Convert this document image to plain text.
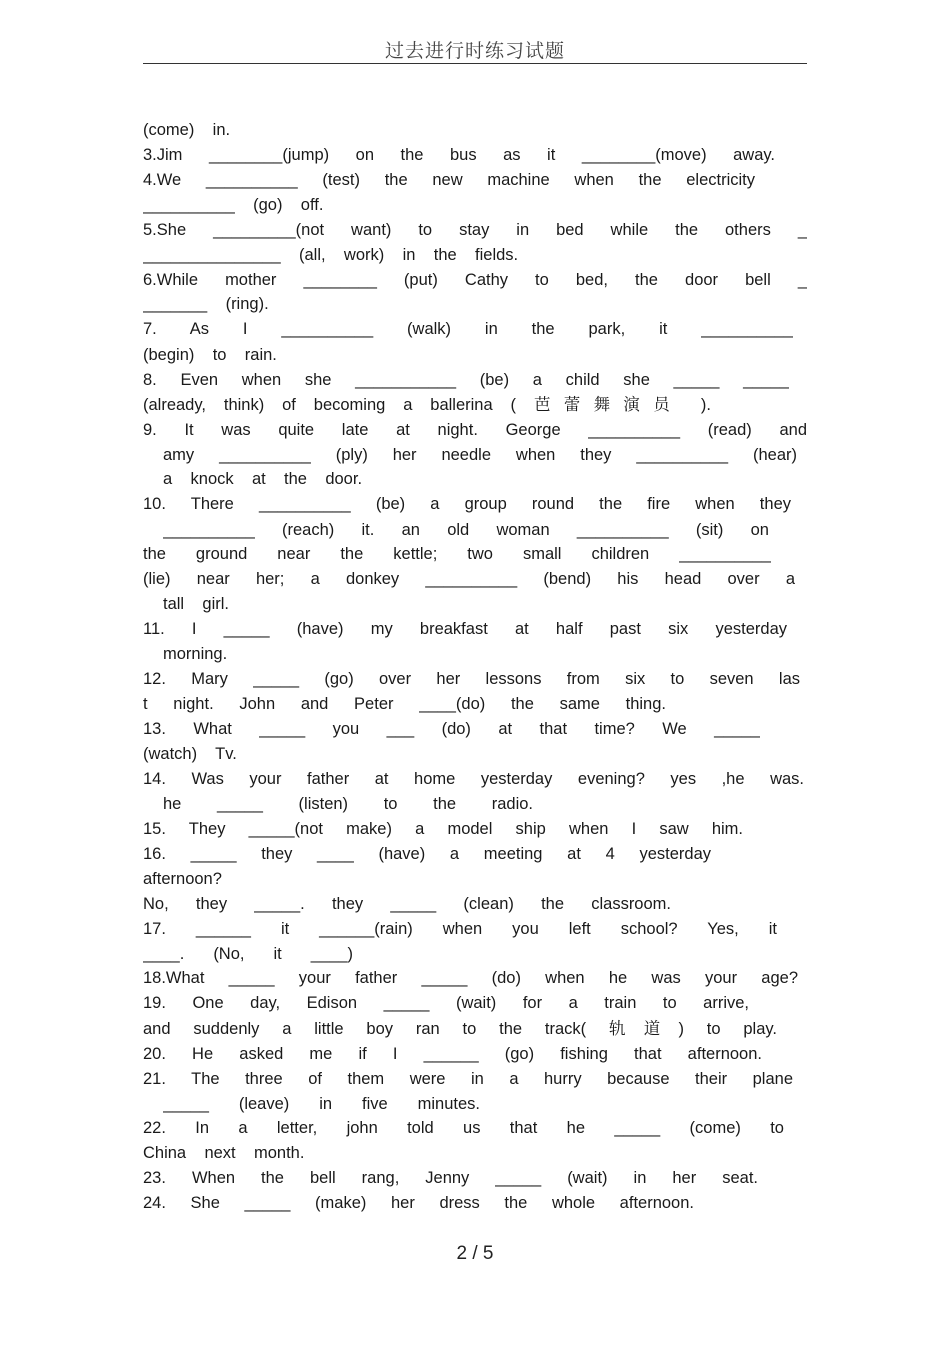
过去进行时练习试题
(come)    in.
3.Jim ________(jump) on the bus as it ________(move) away.
4.We __________ (test) the new machine when the electricity
__________    (go)    off.
5.She _________(not want) to stay in bed while the others _
_______________    (all,    work)    in    the    fields.
6.While mother ________ (put) Cathy to bed, the door bell _
_______    (ring).
7. As I __________ (walk) in the park, it __________
(begin)    to    rain.
8. Even when she ___________ (be) a child she _____ _____
(already, think) of becoming a ballerina ( 芭蕾舞演员 ).
9. It was quite late at night. George __________ (read) and
amy __________ (ply) her needle when they __________ (hear)
a    knock    at    the    door.
10. There __________ (be) a group round the fire when they
__________ (reach) it. an old woman __________ (sit) on
the ground near the kettle; two small children __________
(lie) near her; a donkey __________ (bend) his head over a
tall    girl.
11. I _____ (have) my breakfast at half past six yesterday
morning.
12. Mary _____ (go) over her lessons from six to seven las
t night. John and Peter ____(do) the same thing.
13. What _____ you ___ (do) at that time? We _____
(watch)    Tv.
14. Was your father at home yesterday evening? yes ,he was.
he _____ (listen) to the radio.
15. They _____(not make) a model ship when I saw him.
16. _____ they ____ (have) a meeting at 4 yesterday
afternoon?
No, they _____. they _____ (clean) the classroom.
17. ______ it ______(rain) when you left school? Yes, it
____. (No, it ____)
18.What _____ your father _____ (do) when he was your age?
19. One day, Edison _____ (wait) for a train to arrive,
and suddenly a little boy ran to the track( 轨道) to play.
20. He asked me if I ______ (go) fishing that afternoon.
21. The three of them were in a hurry because their plane
_____ (leave) in five minutes.
22. In a letter, john told us that he _____ (come) to
China    next    month.
23. When the bell rang, Jenny _____ (wait) in her seat.
24. She _____ (make) her dress the whole afternoon.
2 / 5
